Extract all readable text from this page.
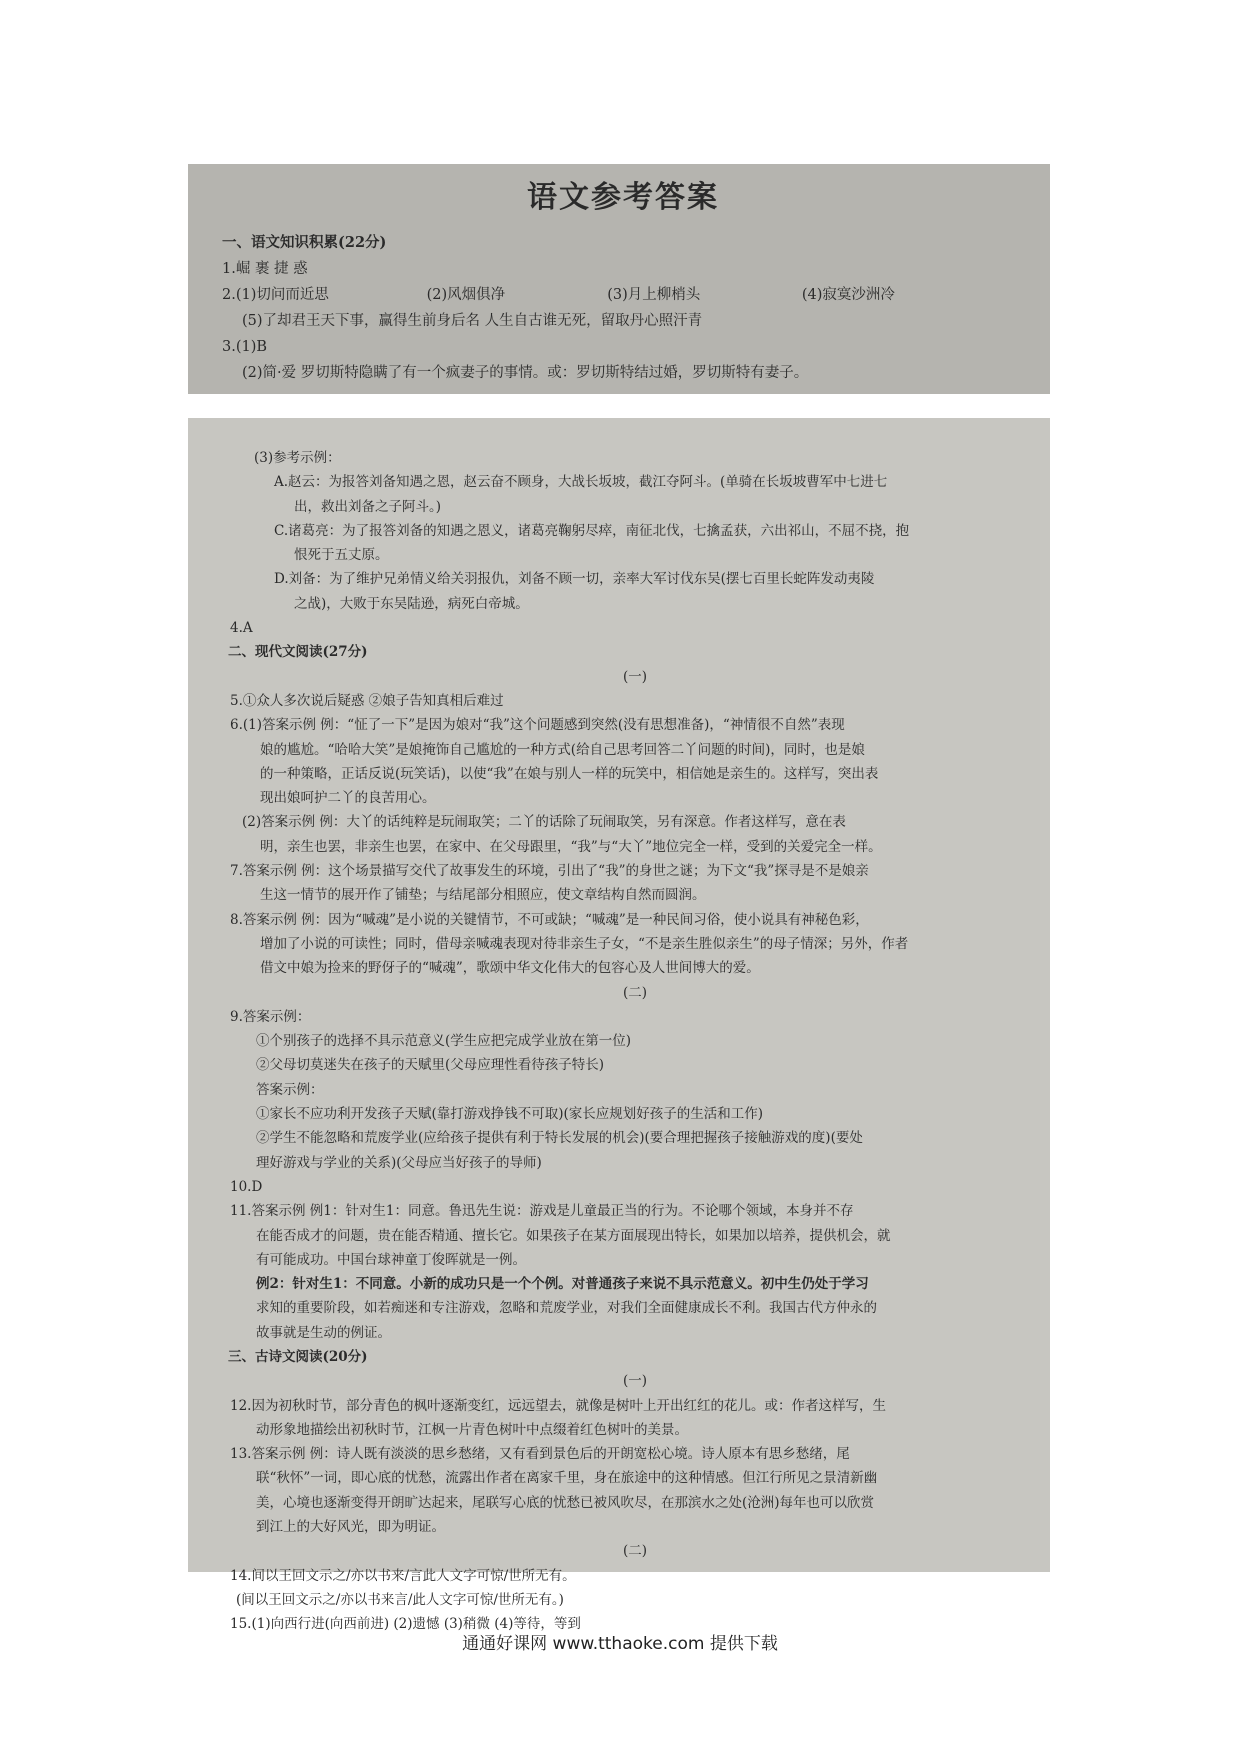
语文参考答案
一、语文知识积累(22分)
1.崛 裹 捷 惑
2.(1)切问而近思	(2)风烟俱净	(3)月上柳梢头	(4)寂寞沙洲冷
(5)了却君王天下事，赢得生前身后名 人生自古谁无死，留取丹心照汗青
3.(1)B
(2)简·爱 罗切斯特隐瞒了有一个疯妻子的事情。或：罗切斯特结过婚，罗切斯特有妻子。
(3)参考示例：
A.赵云：为报答刘备知遇之恩，赵云奋不顾身，大战长坂坡，截江夺阿斗。(单骑在长坂坡曹军中七进七
出，救出刘备之子阿斗。)
C.诸葛亮：为了报答刘备的知遇之恩义，诸葛亮鞠躬尽瘁，南征北伐，七擒孟获，六出祁山，不屈不挠，抱
恨死于五丈原。
D.刘备：为了维护兄弟情义给关羽报仇，刘备不顾一切，亲率大军讨伐东吴(摆七百里长蛇阵发动夷陵
之战)，大败于东吴陆逊，病死白帝城。
4.A
二、现代文阅读(27分)
(一)
5.①众人多次说后疑惑 ②娘子告知真相后难过
6.(1)答案示例 例：“怔了一下”是因为娘对“我”这个问题感到突然(没有思想准备)，“神情很不自然”表现
娘的尴尬。“哈哈大笑”是娘掩饰自己尴尬的一种方式(给自己思考回答二丫问题的时间)，同时，也是娘
的一种策略，正话反说(玩笑话)，以使“我”在娘与别人一样的玩笑中，相信她是亲生的。这样写，突出表
现出娘呵护二丫的良苦用心。
(2)答案示例 例：大丫的话纯粹是玩闹取笑；二丫的话除了玩闹取笑，另有深意。作者这样写，意在表
明，亲生也罢，非亲生也罢，在家中、在父母跟里，“我”与“大丫”地位完全一样，受到的关爱完全一样。
7.答案示例 例：这个场景描写交代了故事发生的环境，引出了“我”的身世之谜；为下文“我”探寻是不是娘亲
生这一情节的展开作了铺垫；与结尾部分相照应，使文章结构自然而圆润。
8.答案示例 例：因为“喊魂”是小说的关键情节，不可或缺；“喊魂”是一种民间习俗，使小说具有神秘色彩，
增加了小说的可读性；同时，借母亲喊魂表现对待非亲生子女，“不是亲生胜似亲生”的母子情深；另外，作者
借文中娘为捡来的野伢子的“喊魂”，歌颂中华文化伟大的包容心及人世间博大的爱。
(二)
9.答案示例：
①个别孩子的选择不具示范意义(学生应把完成学业放在第一位)
②父母切莫迷失在孩子的天赋里(父母应理性看待孩子特长)
答案示例：
①家长不应功利开发孩子天赋(靠打游戏挣钱不可取)(家长应规划好孩子的生活和工作)
②学生不能忽略和荒废学业(应给孩子提供有利于特长发展的机会)(要合理把握孩子接触游戏的度)(要处
理好游戏与学业的关系)(父母应当好孩子的导师)
10.D
11.答案示例 例1：针对生1：同意。鲁迅先生说：游戏是儿童最正当的行为。不论哪个领域，本身并不存
在能否成才的问题，贵在能否精通、擅长它。如果孩子在某方面展现出特长，如果加以培养，提供机会，就
有可能成功。中国台球神童丁俊晖就是一例。
例2：针对生1：不同意。小新的成功只是一个个例。对普通孩子来说不具示范意义。初中生仍处于学习
求知的重要阶段，如若痴迷和专注游戏，忽略和荒废学业，对我们全面健康成长不利。我国古代方仲永的
故事就是生动的例证。
三、古诗文阅读(20分)
(一)
12.因为初秋时节，部分青色的枫叶逐渐变红，远远望去，就像是树叶上开出红红的花儿。或：作者这样写，生
动形象地描绘出初秋时节，江枫一片青色树叶中点缀着红色树叶的美景。
13.答案示例 例：诗人既有淡淡的思乡愁绪，又有看到景色后的开朗宽松心境。诗人原本有思乡愁绪，尾
联“秋怀”一词，即心底的忧愁，流露出作者在离家千里，身在旅途中的这种情感。但江行所见之景清新幽
美，心境也逐渐变得开朗旷达起来，尾联写心底的忧愁已被风吹尽，在那滨水之处(沧洲)每年也可以欣赏
到江上的大好风光，即为明证。
(二)
14.间以王回文示之/亦以书来/言此人文字可惊/世所无有。
(间以王回文示之/亦以书来言/此人文字可惊/世所无有。)
15.(1)向西行进(向西前进) (2)遗憾 (3)稍微 (4)等待，等到
通通好课网 www.tthaoke.com 提供下载
